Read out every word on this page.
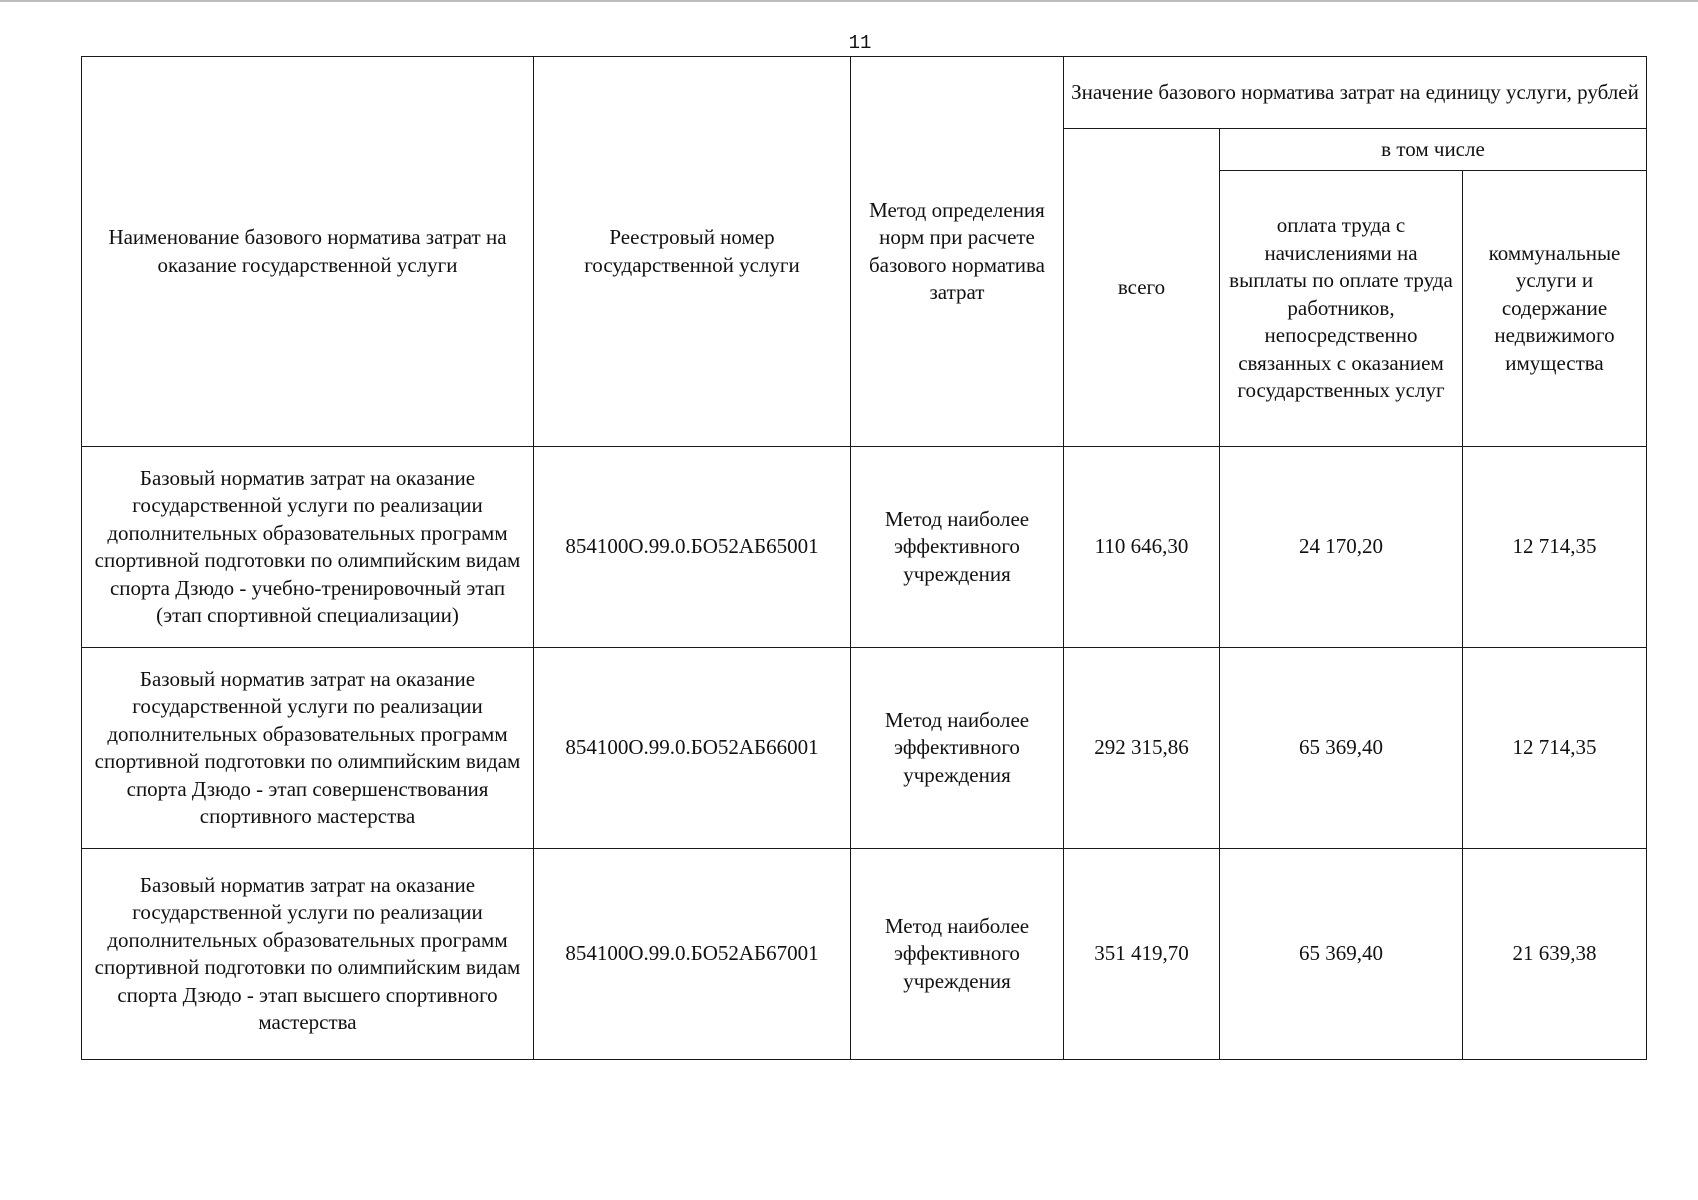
11
Наименование базового норматива затрат на оказание государственной услуги	Реестровый номер государственной услуги	Метод определения норм при расчете базового норматива затрат	Значение базового норматива затрат на единицу услуги, рублей		
			всего	в том числе	
				оплата труда с начислениями на выплаты по оплате труда работников, непосредственно связанных с оказанием государственных услуг	коммунальные услуги и содержание недвижимого имущества
Базовый норматив затрат на оказание государственной услуги по реализации дополнительных образовательных программ спортивной подготовки по олимпийским видам спорта Дзюдо - учебно-тренировочный этап (этап спортивной специализации)	854100О.99.0.БО52АБ65001	Метод наиболее эффективного учреждения	110 646,30	24 170,20	12 714,35
Базовый норматив затрат на оказание государственной услуги по реализации дополнительных образовательных программ спортивной подготовки по олимпийским видам спорта Дзюдо - этап совершенствования спортивного мастерства	854100О.99.0.БО52АБ66001	Метод наиболее эффективного учреждения	292 315,86	65 369,40	12 714,35
Базовый норматив затрат на оказание государственной услуги по реализации дополнительных образовательных программ спортивной подготовки по олимпийским видам спорта Дзюдо - этап высшего спортивного мастерства	854100О.99.0.БО52АБ67001	Метод наиболее эффективного учреждения	351 419,70	65 369,40	21 639,38
